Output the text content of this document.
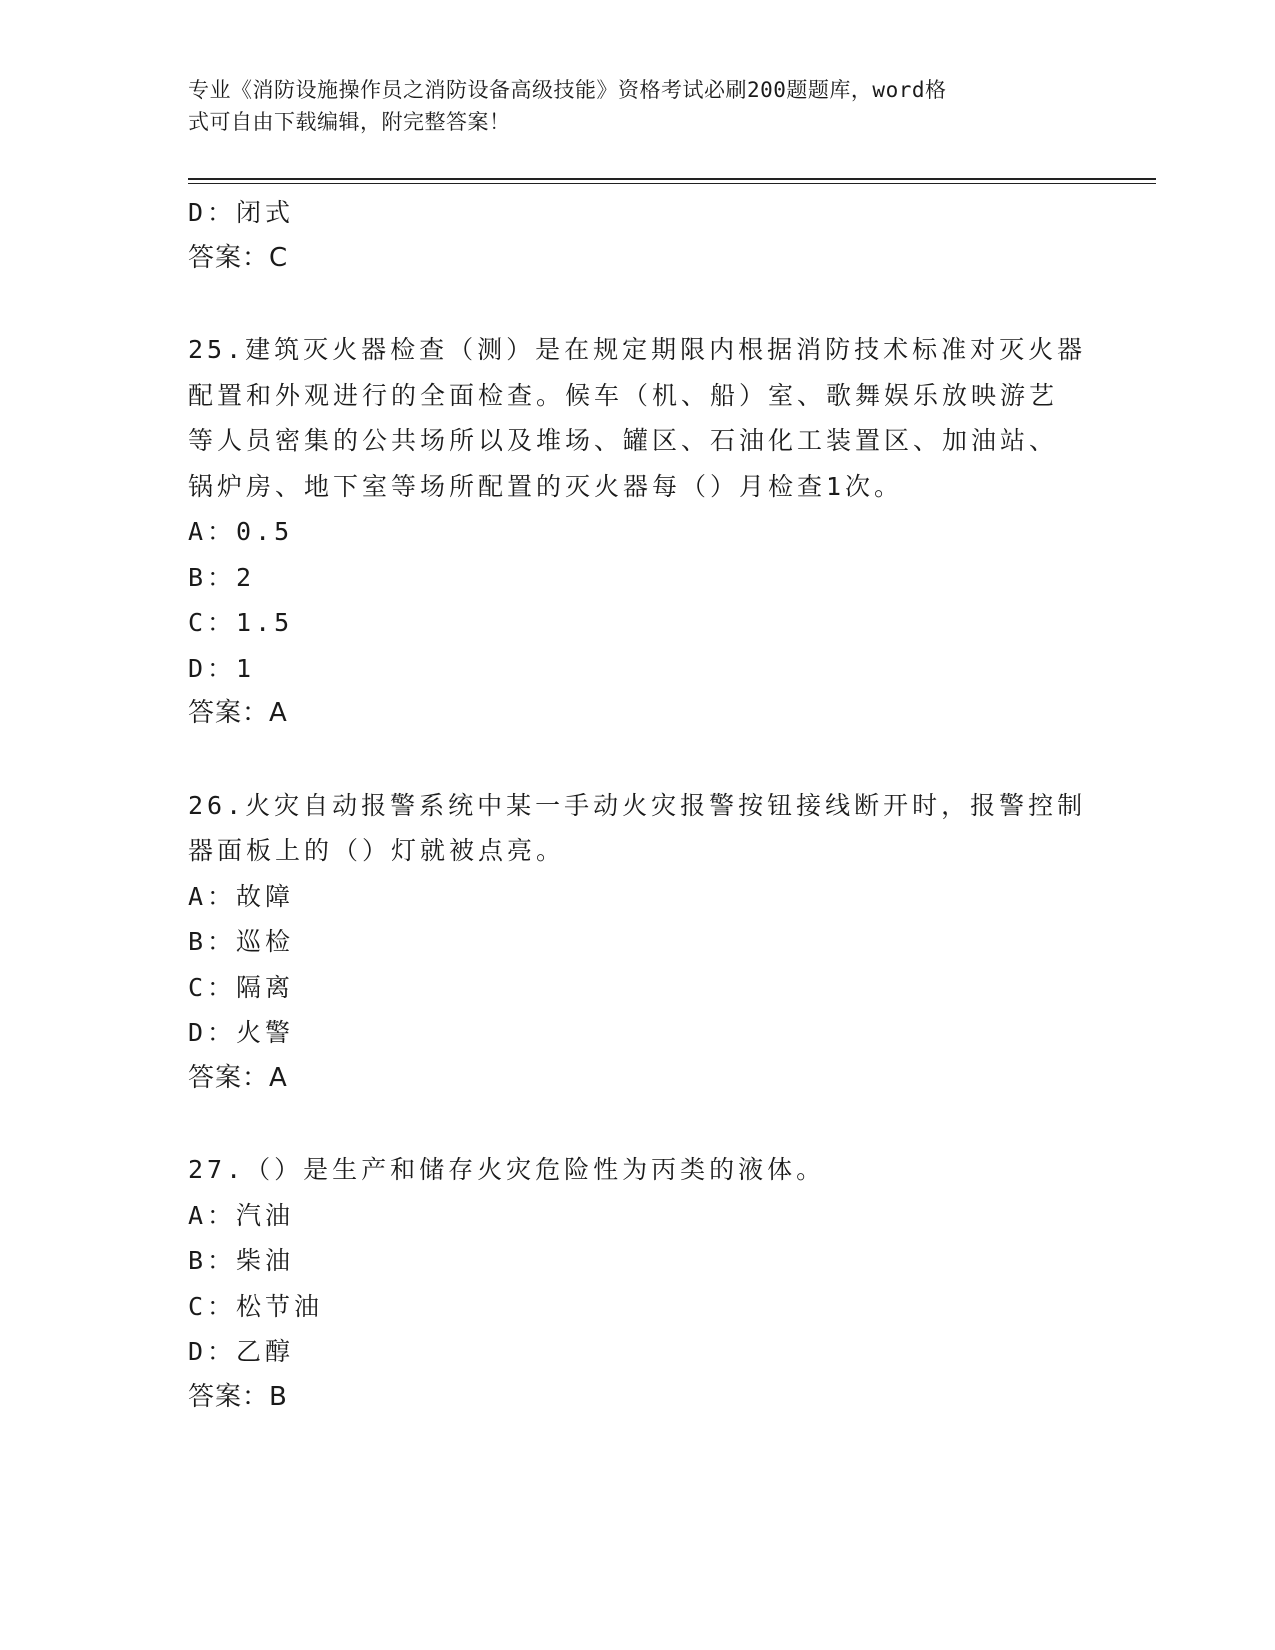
专业《消防设施操作员之消防设备高级技能》资格考试必刷200题题库，word格
式可自由下载编辑，附完整答案！
D：闭式
答案：C
25.建筑灭火器检查（测）是在规定期限内根据消防技术标准对灭火器
配置和外观进行的全面检查。候车（机、船）室、歌舞娱乐放映游艺
等人员密集的公共场所以及堆场、罐区、石油化工装置区、加油站、
锅炉房、地下室等场所配置的灭火器每（）月检查1次。
A：0.5
B：2
C：1.5
D：1
答案：A
26.火灾自动报警系统中某一手动火灾报警按钮接线断开时，报警控制
器面板上的（）灯就被点亮。
A：故障
B：巡检
C：隔离
D：火警
答案：A
27.（）是生产和储存火灾危险性为丙类的液体。
A：汽油
B：柴油
C：松节油
D：乙醇
答案：B
